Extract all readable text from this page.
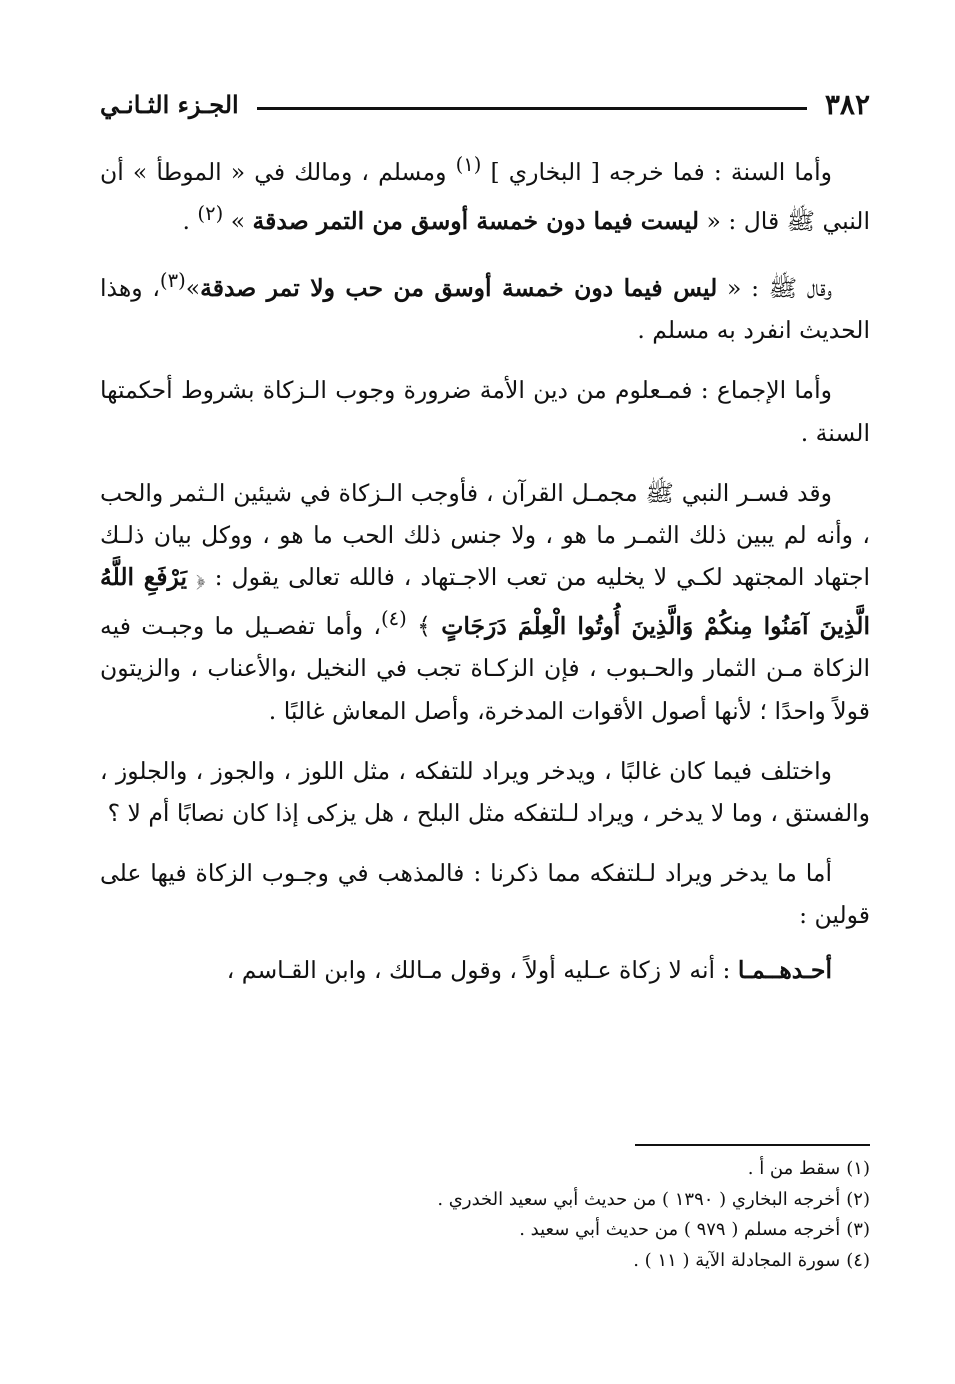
٣٨٢
الجـزء الثـانـي

وأما السنة : فما خرجه [ البخاري ] $^{(١)}$ ومسلم ، ومالك في « الموطأ » أن النبي ﷺ قال : « ليست فيما دون خمسة أوسق من التمر صدقة » $^{(٢)}$ .

وقال ﷺ : « ليس فيما دون خمسة أوسق من حب ولا تمر صدقة»$^{(٣)}$، وهذا الحديث انفرد به مسلم .

وأما الإجماع : فمـعلوم من دين الأمة ضرورة وجوب الـزكاة بشروط أحكمتها السنة .

وقد فسـر النبي ﷺ مجمـل القرآن ، فأوجب الـزكاة في شيئين الـثمر والحب ، وأنه لم يبين ذلك الثمـر ما هو ، ولا جنس ذلك الحب ما هو ، ووكل بيان ذلـك اجتهاد المجتهد لكـي لا يخليه من تعب الاجـتهاد ، فالله تعالى يقول : ﴿ يَرْفَعِ اللَّهُ الَّذِينَ آمَنُوا مِنكُمْ وَالَّذِينَ أُوتُوا الْعِلْمَ دَرَجَاتٍ ﴾ $^{(٤)}$، وأما تفصـيل ما وجبـت فيه الزكاة مـن الثمار والحـبوب ، فإن الزكـاة تجب في النخيل ،والأعناب ، والزيتون قولاً واحدًا ؛ لأنها أصول الأقوات المدخرة، وأصل المعاش غالبًا .

واختلف فيما كان غالبًا ، ويدخر ويراد للتفكه ، مثل اللوز ، والجوز ، والجلوز ، والفستق ، وما لا يدخر ، ويراد لـلتفكه مثل البلح ، هل يزكى إذا كان نصابًا أم لا ؟

أما ما يدخر ويراد لـلتفكه مما ذكرنا : فالمذهب في وجـوب الزكاة فيها على قولين :

أحـدهــمـا : أنه لا زكاة عـليه أولاً ، وقول مـالك ، وابن القـاسم ،

(١)سقط من أ .

(٢)أخرجه البخاري ( ١٣٩٠ ) من حديث أبي سعيد الخدري .

(٣)أخرجه مسلم ( ٩٧٩ ) من حديث أبي سعيد .

(٤)سورة المجادلة الآية ( ١١ ) .
